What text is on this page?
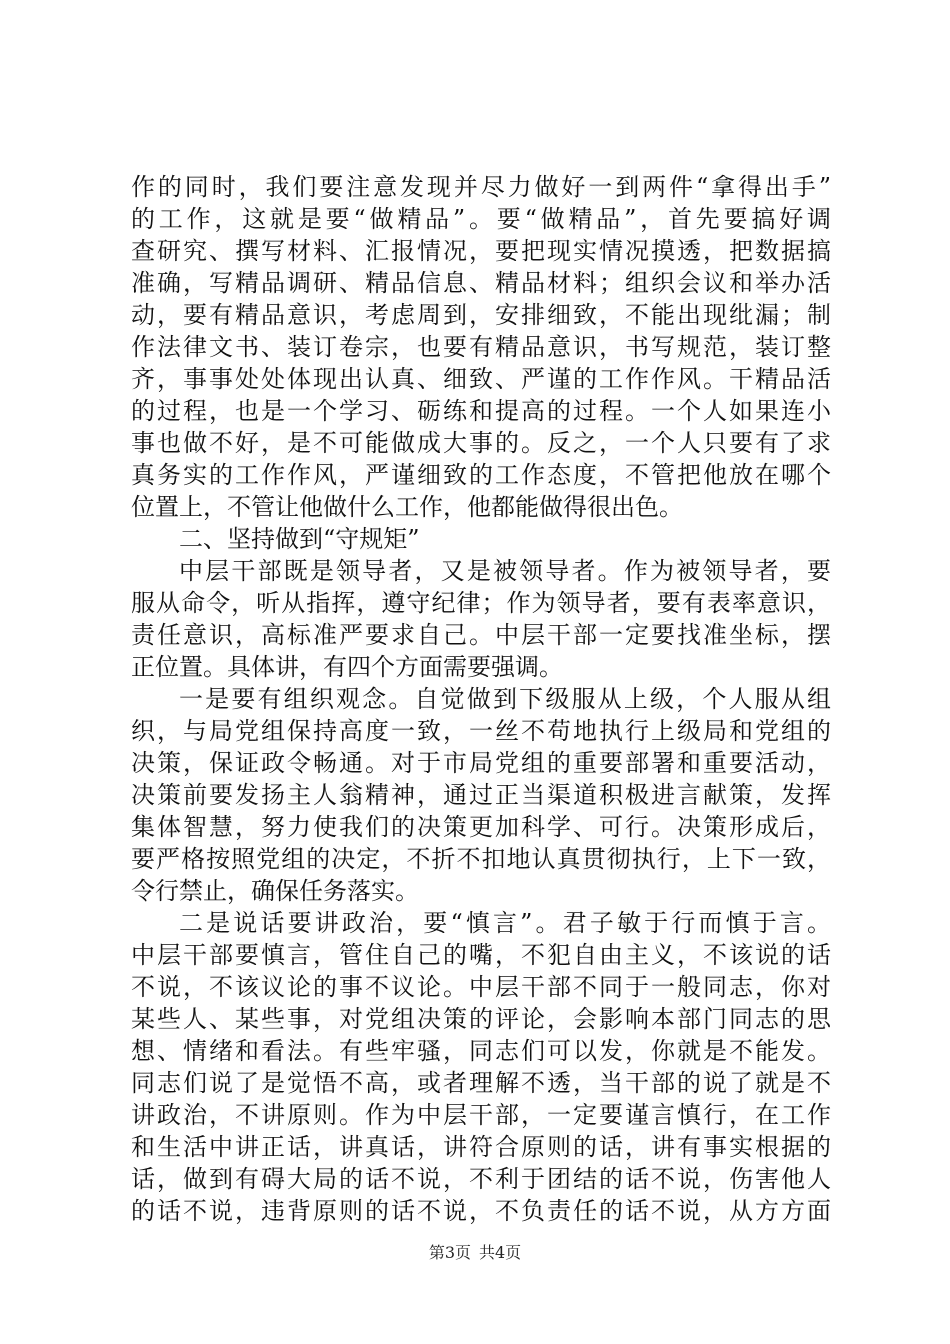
作的同时，我们要注意发现并尽力做好一到两件“拿得出手”
的工作，这就是要“做精品”。要“做精品”，首先要搞好调
查研究、撰写材料、汇报情况，要把现实情况摸透，把数据搞
准确，写精品调研、精品信息、精品材料；组织会议和举办活
动，要有精品意识，考虑周到，安排细致，不能出现纰漏；制
作法律文书、装订卷宗，也要有精品意识，书写规范，装订整
齐，事事处处体现出认真、细致、严谨的工作作风。干精品活
的过程，也是一个学习、砺练和提高的过程。一个人如果连小
事也做不好，是不可能做成大事的。反之，一个人只要有了求
真务实的工作作风，严谨细致的工作态度，不管把他放在哪个
位置上，不管让他做什么工作，他都能做得很出色。
二、坚持做到“守规矩”
中层干部既是领导者，又是被领导者。作为被领导者，要
服从命令，听从指挥，遵守纪律；作为领导者，要有表率意识，
责任意识，高标准严要求自己。中层干部一定要找准坐标，摆
正位置。具体讲，有四个方面需要强调。
一是要有组织观念。自觉做到下级服从上级，个人服从组
织，与局党组保持高度一致，一丝不苟地执行上级局和党组的
决策，保证政令畅通。对于市局党组的重要部署和重要活动，
决策前要发扬主人翁精神，通过正当渠道积极进言献策，发挥
集体智慧，努力使我们的决策更加科学、可行。决策形成后，
要严格按照党组的决定，不折不扣地认真贯彻执行，上下一致，
令行禁止，确保任务落实。
二是说话要讲政治，要“慎言”。君子敏于行而慎于言。
中层干部要慎言，管住自己的嘴，不犯自由主义，不该说的话
不说，不该议论的事不议论。中层干部不同于一般同志，你对
某些人、某些事，对党组决策的评论，会影响本部门同志的思
想、情绪和看法。有些牢骚，同志们可以发，你就是不能发。
同志们说了是觉悟不高，或者理解不透，当干部的说了就是不
讲政治，不讲原则。作为中层干部，一定要谨言慎行，在工作
和生活中讲正话，讲真话，讲符合原则的话，讲有事实根据的
话，做到有碍大局的话不说，不利于团结的话不说，伤害他人
的话不说，违背原则的话不说，不负责任的话不说，从方方面
第3页 共4页
